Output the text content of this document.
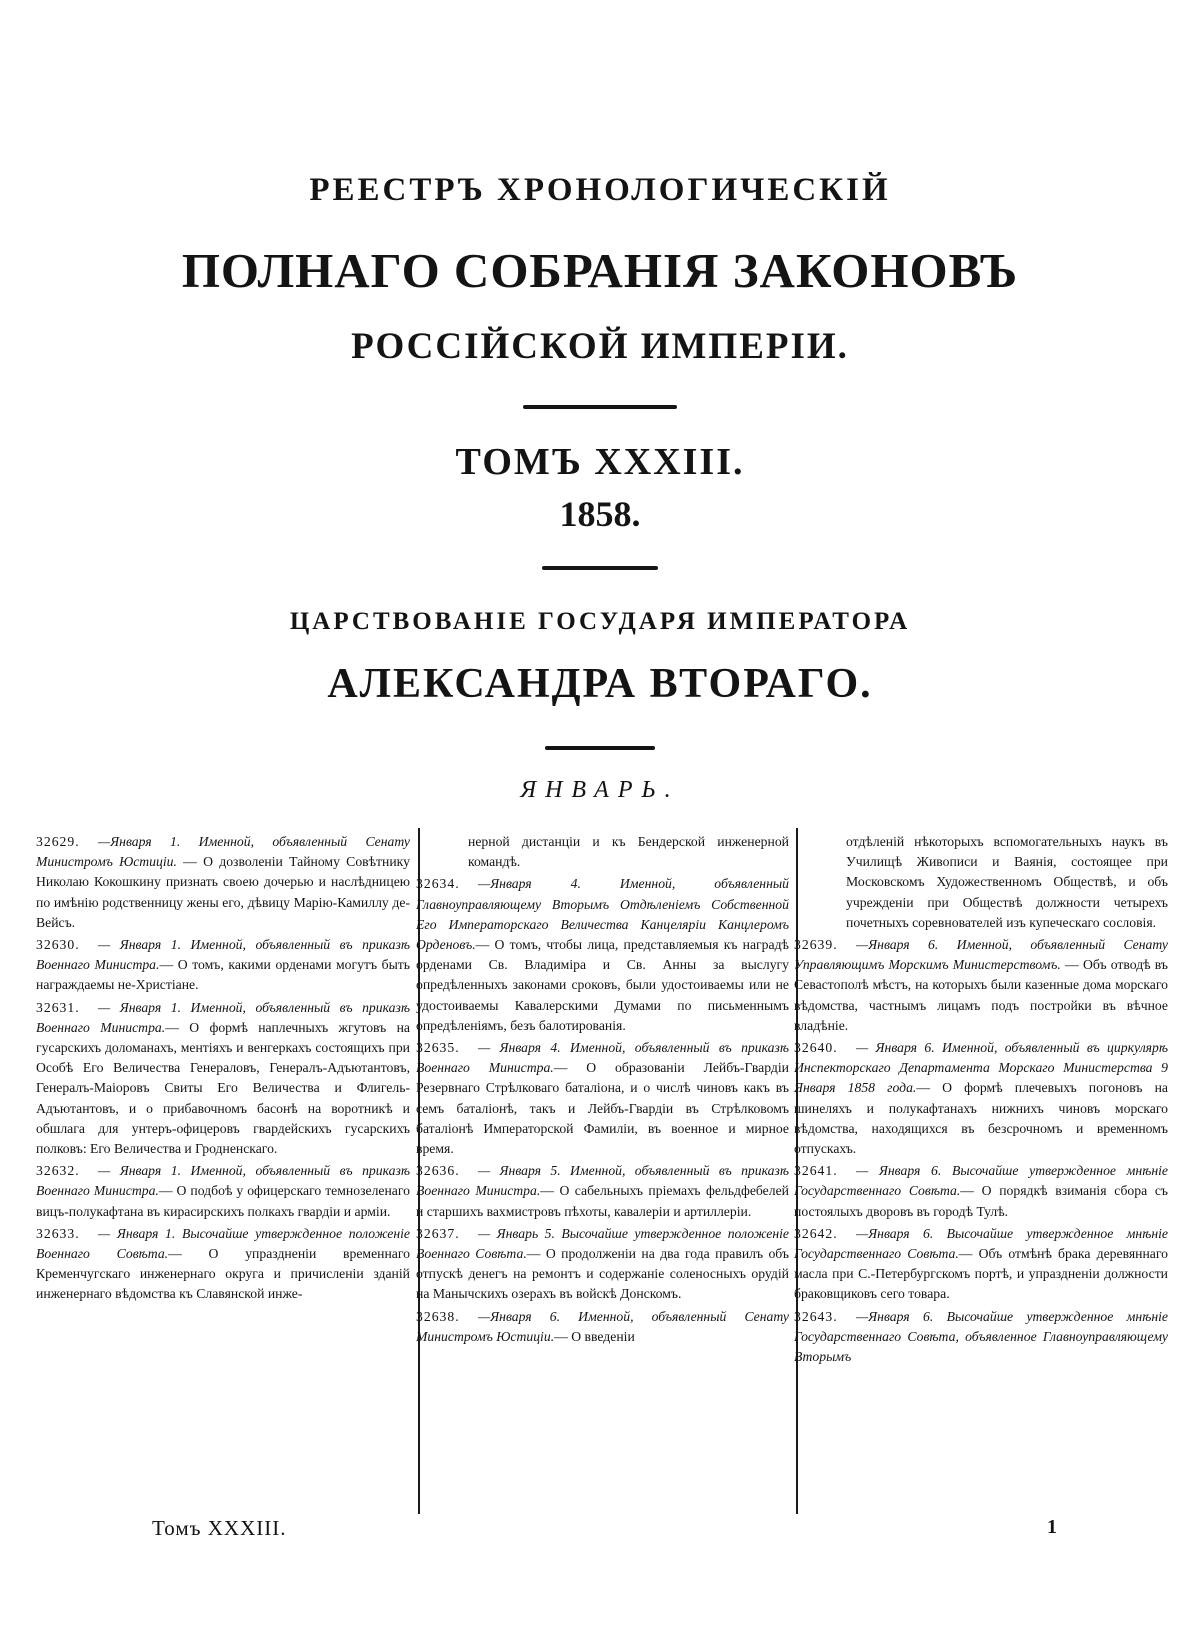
РЕЕСТРЪ ХРОНОЛОГИЧЕСКІЙ
ПОЛНАГО СОБРАНІЯ ЗАКОНОВЪ
РОССІЙСКОЙ ИМПЕРІИ.
ТОМЪ XXXIII.
1858.
ЦАРСТВОВАНІЕ ГОСУДАРЯ ИМПЕРАТОРА
АЛЕКСАНДРА ВТОРАГО.
ЯНВАРЬ.

32629. —Января 1. Именной, объявленный Сенату Министромъ Юстиціи. — О дозволеніи Тайному Совѣтнику Николаю Кокошкину признать своею дочерью и наслѣдницею по имѣнію родственницу жены его, дѣвицу Марію-Камиллу де-Вейсъ.

32630. — Января 1. Именной, объявленный въ приказѣ Военнаго Министра.— О томъ, какими орденами могутъ быть награждаемы не-Христіане.

32631. — Января 1. Именной, объявленный въ приказѣ Военнаго Министра.— О формѣ наплечныхъ жгутовъ на гусарскихъ доломанахъ, ментіяхъ и венгеркахъ состоящихъ при Особѣ Его Величества Генераловъ, Генералъ-Адъютантовъ, Генералъ-Маіоровъ Свиты Его Величества и Флигель-Адъютантовъ, и о прибавочномъ басонѣ на воротникѣ и обшлага для унтеръ-офицеровъ гвардейскихъ гусарскихъ полковъ: Его Величества и Гродненскаго.

32632. — Января 1. Именной, объявленный въ приказѣ Военнаго Министра.— О подбоѣ у офицерскаго темнозеленаго вицъ-полукафтана въ кирасирскихъ полкахъ гвардіи и арміи.

32633. — Января 1. Высочайше утвержденное положеніе Военнаго Совѣта.— О упраздненіи временнаго Кременчугскаго инженернаго округа и причисленіи зданій инженернаго вѣдомства къ Славянской инже-

нерной дистанціи и къ Бендерской инженерной командѣ.

32634. —Января 4. Именной, объявленный Главноуправляющему Вторымъ Отдѣленіемъ Собственной Его Императорскаго Величества Канцеляріи Канцлеромъ Орденовъ.— О томъ, чтобы лица, представляемыя къ наградѣ орденами Св. Владиміра и Св. Анны за выслугу опредѣленныхъ законами сроковъ, были удостоиваемы или не удостоиваемы Кавалерскими Думами по письменнымъ опредѣленіямъ, безъ балотированія.

32635. — Января 4. Именной, объявленный въ приказѣ Военнаго Министра.— О образованіи Лейбъ-Гвардіи Резервнаго Стрѣлковаго баталіона, и о числѣ чиновъ какъ въ семъ баталіонѣ, такъ и Лейбъ-Гвардіи въ Стрѣлковомъ баталіонѣ Императорской Фамиліи, въ военное и мирное время.

32636. — Января 5. Именной, объявленный въ приказѣ Военнаго Министра.— О сабельныхъ пріемахъ фельдфебелей и старшихъ вахмистровъ пѣхоты, кавалеріи и артиллеріи.

32637. — Январь 5. Высочайше утвержденное положеніе Военнаго Совѣта.— О продолженіи на два года правилъ объ отпускѣ денегъ на ремонтъ и содержаніе соленосныхъ орудій на Манычскихъ озерахъ въ войскѣ Донскомъ.

32638. —Января 6. Именной, объявленный Сенату Министромъ Юстиціи.— О введеніи

отдѣленій нѣкоторыхъ вспомогательныхъ наукъ въ Училищѣ Живописи и Ваянія, состоящее при Московскомъ Художественномъ Обществѣ, и объ учрежденіи при Обществѣ должности четырехъ почетныхъ соревнователей изъ купеческаго сословія.

32639. —Января 6. Именной, объявленный Сенату Управляющимъ Морскимъ Министерствомъ. — Объ отводѣ въ Севастополѣ мѣстъ, на которыхъ были казенные дома морскаго вѣдомства, частнымъ лицамъ подъ постройки въ вѣчное владѣніе.

32640. — Января 6. Именной, объявленный въ циркулярѣ Инспекторскаго Департамента Морскаго Министерства 9 Января 1858 года.— О формѣ плечевыхъ погоновъ на шинеляхъ и полукафтанахъ нижнихъ чиновъ морскаго вѣдомства, находящихся въ безсрочномъ и временномъ отпускахъ.

32641. — Января 6. Высочайше утвержденное мнѣніе Государственнаго Совѣта.— О порядкѣ взиманія сбора съ постоялыхъ дворовъ въ городѣ Тулѣ.

32642. —Января 6. Высочайше утвержденное мнѣніе Государственнаго Совѣта.— Объ отмѣнѣ брака деревяннаго масла при С.-Петербургскомъ портѣ, и упраздненіи должности браковщиковъ сего товара.

32643. —Января 6. Высочайше утвержденное мнѣніе Государственнаго Совѣта, объявленное Главноуправляющему Вторымъ

Томъ XXXIII.	1
